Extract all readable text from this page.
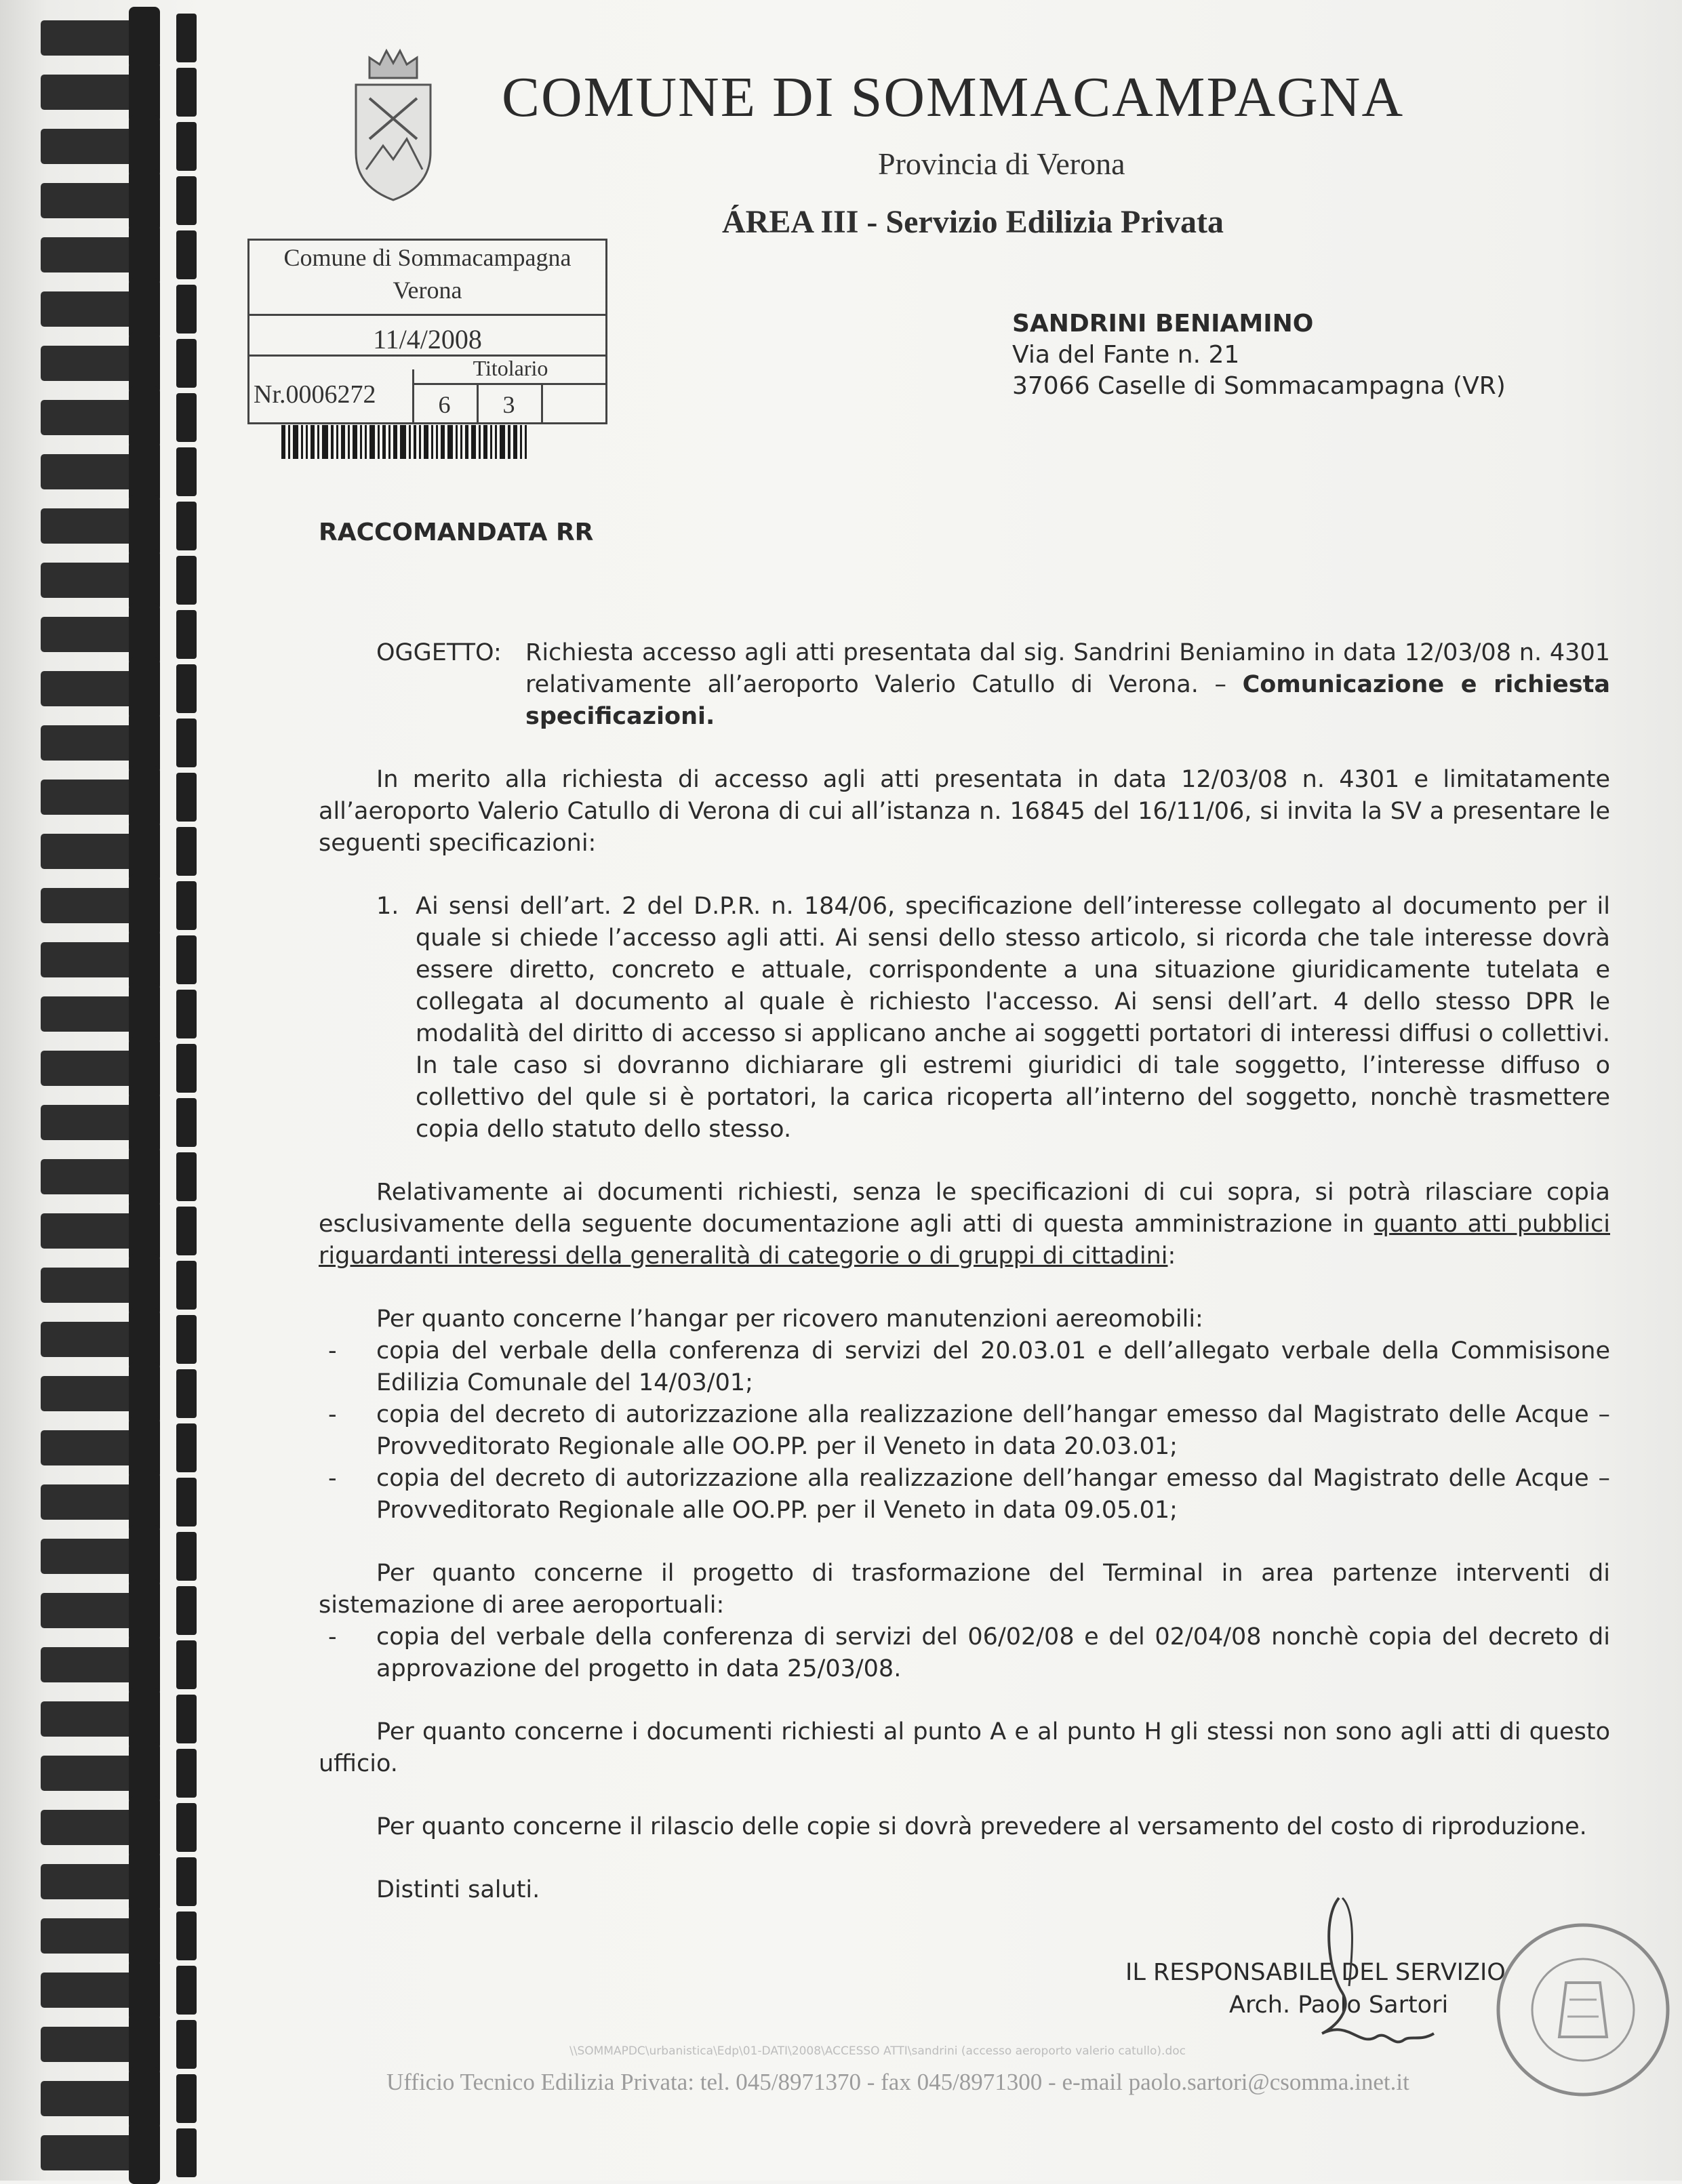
COMUNE DI SOMMACAMPAGNA
Provincia di Verona
ÁREA III - Servizio Edilizia Privata
Comune di Sommacampagna
Verona
11/4/2008
Nr.0006272
Titolario
6	3
SANDRINI BENIAMINO
Via del Fante n. 21
37066 Caselle di Sommacampagna (VR)
RACCOMANDATA RR
OGGETTO: Richiesta accesso agli atti presentata dal sig. Sandrini Beniamino in data 12/03/08 n. 4301 relativamente all’aeroporto Valerio Catullo di Verona. – Comunicazione e richiesta specificazioni.

In merito alla richiesta di accesso agli atti presentata in data 12/03/08 n. 4301 e limitatamente all’aeroporto Valerio Catullo di Verona di cui all’istanza n. 16845 del 16/11/06, si invita la SV a presentare le seguenti specificazioni:

1. Ai sensi dell’art. 2 del D.P.R. n. 184/06, specificazione dell’interesse collegato al documento per il quale si chiede l’accesso agli atti. Ai sensi dello stesso articolo, si ricorda che tale interesse dovrà essere diretto, concreto e attuale, corrispondente a una situazione giuridicamente tutelata e collegata al documento al quale è richiesto l'accesso. Ai sensi dell’art. 4 dello stesso DPR le modalità del diritto di accesso si applicano anche ai soggetti portatori di interessi diffusi o collettivi. In tale caso si dovranno dichiarare gli estremi giuridici di tale soggetto, l’interesse diffuso o collettivo del qule si è portatori, la carica ricoperta all’interno del soggetto, nonchè trasmettere copia dello statuto dello stesso.

Relativamente ai documenti richiesti, senza le specificazioni di cui sopra, si potrà rilasciare copia esclusivamente della seguente documentazione agli atti di questa amministrazione in quanto atti pubblici riguardanti interessi della generalità di categorie o di gruppi di cittadini:

Per quanto concerne l’hangar per ricovero manutenzioni aereomobili:
- copia del verbale della conferenza di servizi del 20.03.01 e dell’allegato verbale della Commisisone Edilizia Comunale del 14/03/01;
- copia del decreto di autorizzazione alla realizzazione dell’hangar emesso dal Magistrato delle Acque – Provveditorato Regionale alle OO.PP. per il Veneto in data 20.03.01;
- copia del decreto di autorizzazione alla realizzazione dell’hangar emesso dal Magistrato delle Acque – Provveditorato Regionale alle OO.PP. per il Veneto in data 09.05.01;

Per quanto concerne il progetto di trasformazione del Terminal in area partenze interventi di sistemazione di aree aeroportuali:

- copia del verbale della conferenza di servizi del 06/02/08 e del 02/04/08 nonchè copia del decreto di approvazione del progetto in data 25/03/08.

Per quanto concerne i documenti richiesti al punto A e al punto H gli stessi non sono agli atti di questo ufficio.

Per quanto concerne il rilascio delle copie si dovrà prevedere al versamento del costo di riproduzione.

Distinti saluti.

IL RESPONSABILE DEL SERVIZIO
Arch. Paolo Sartori
\\SOMMAPDC\urbanistica\Edp\01-DATI\2008\ACCESSO ATTI\sandrini (accesso aeroporto valerio catullo).doc
Ufficio Tecnico Edilizia Privata: tel. 045/8971370 - fax 045/8971300 - e-mail paolo.sartori@csomma.inet.it
